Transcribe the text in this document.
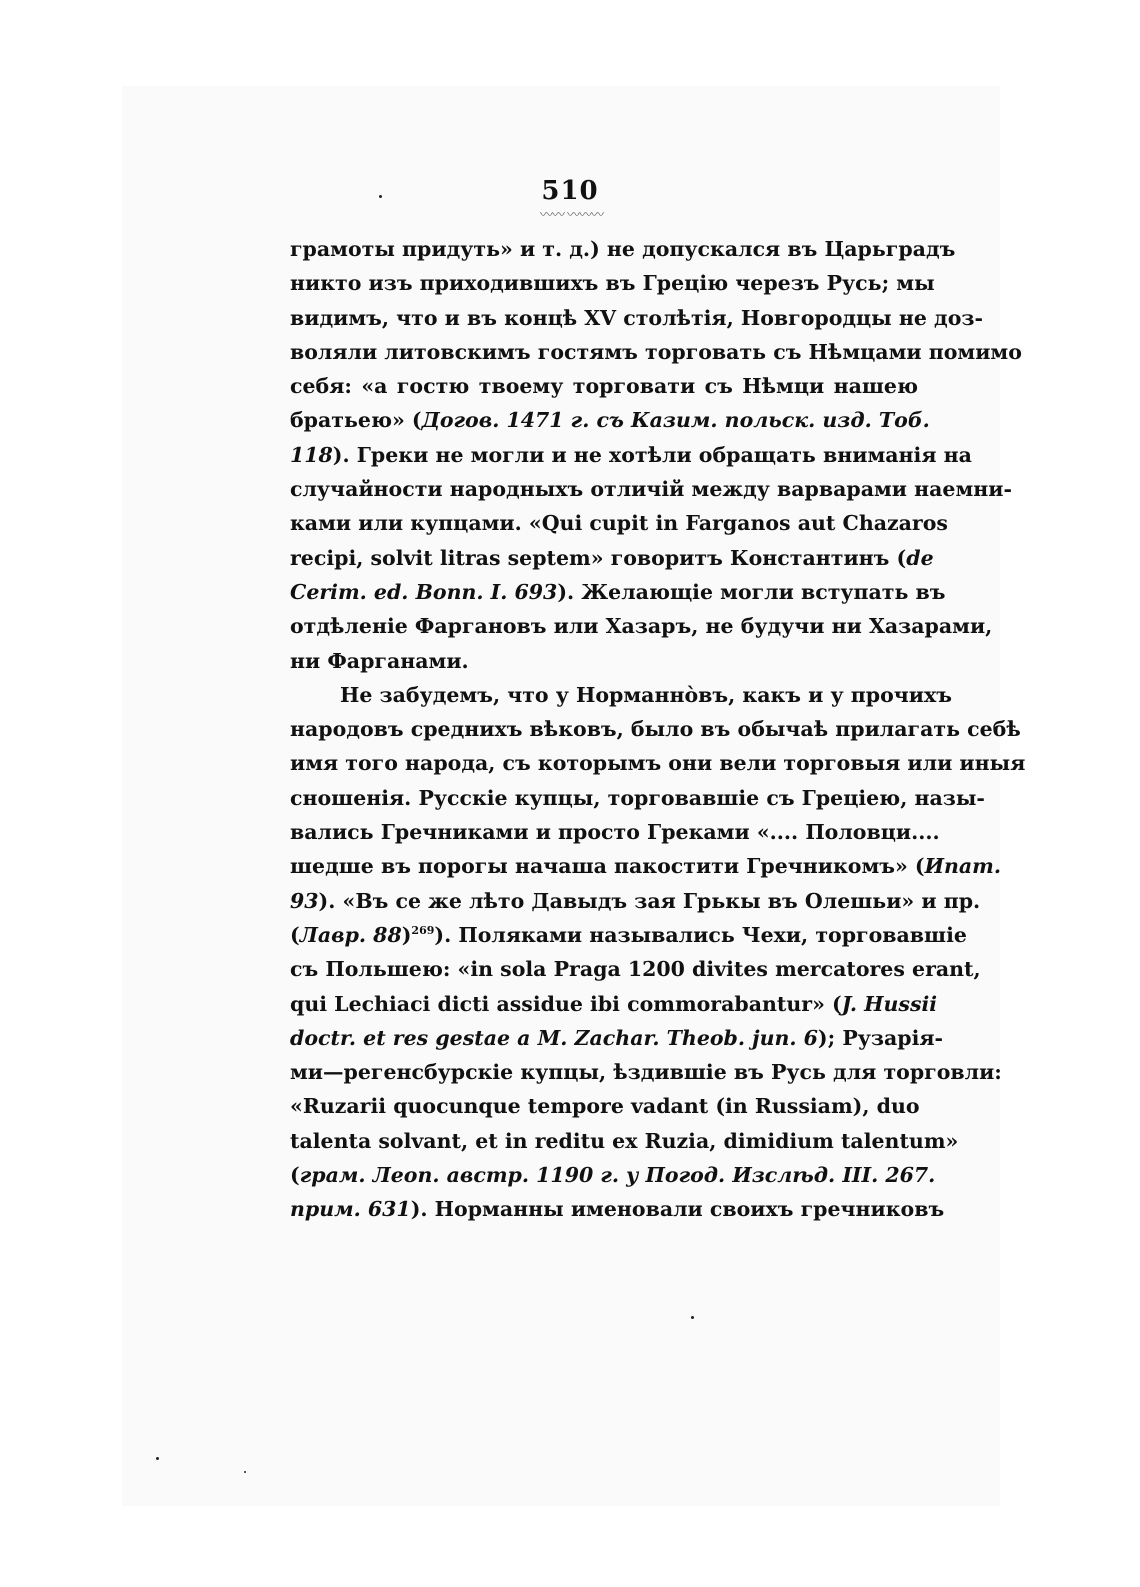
510
〰〰 〰〰〰
грамоты придуть» и т. д.) не допускался въ Царьградъ
никто изъ приходившихъ въ Грецію черезъ Русь; мы
видимъ, что и въ концѣ XV столѣтія, Новгородцы не доз-
воляли литовскимъ гостямъ торговать съ Нѣмцами помимо
себя: «а гостю твоему торговати съ Нѣмци нашею
братьею» (Догов. 1471 г. съ Казим. польск. изд. Тоб.
118). Греки не могли и не хотѣли обращать вниманія на
случайности народныхъ отличій между варварами наемни-
ками или купцами. «Qui cupit in Farganos aut Chazaros
recipi, solvit litras septem» говоритъ Константинъ (de
Cerim. ed. Bonn. I. 693). Желающіе могли вступать въ
отдѣленіе Фаргановъ или Хазаръ, не будучи ни Хазарами,
ни Фарганами.
Не забудемъ, что у Норманнòвъ, какъ и у прочихъ
народовъ среднихъ вѣковъ, было въ обычаѣ прилагать себѣ
имя того народа, съ которымъ они вели торговыя или иныя
сношенія. Русскіе купцы, торговавшіе съ Греціею, назы-
вались Гречниками и просто Греками «.... Половци....
шедше въ порогы начаша пакостити Гречникомъ» (Ипат.
93). «Въ се же лѣто Давыдъ зая Грькы въ Олешьи» и пр.
(Лавр. 88)$^{269}$). Поляками назывались Чехи, торговавшіе
съ Польшею: «in sola Praga 1200 divites mercatores erant,
qui Lechiaci dicti assidue ibi commorabantur» (J. Hussii
doctr. et res gestae a M. Zachar. Theob. jun. 6); Рузарія-
ми—регенсбурскіе купцы, ѣздившіе въ Русь для торговли:
«Ruzarii quocunque tempore vadant (in Russiam), duo
talenta solvant, et in reditu ex Ruzia, dimidium talentum»
(грам. Леоп. австр. 1190 г. у Погод. Изслѣд. III. 267.
прим. 631). Норманны именовали своихъ гречниковъ
